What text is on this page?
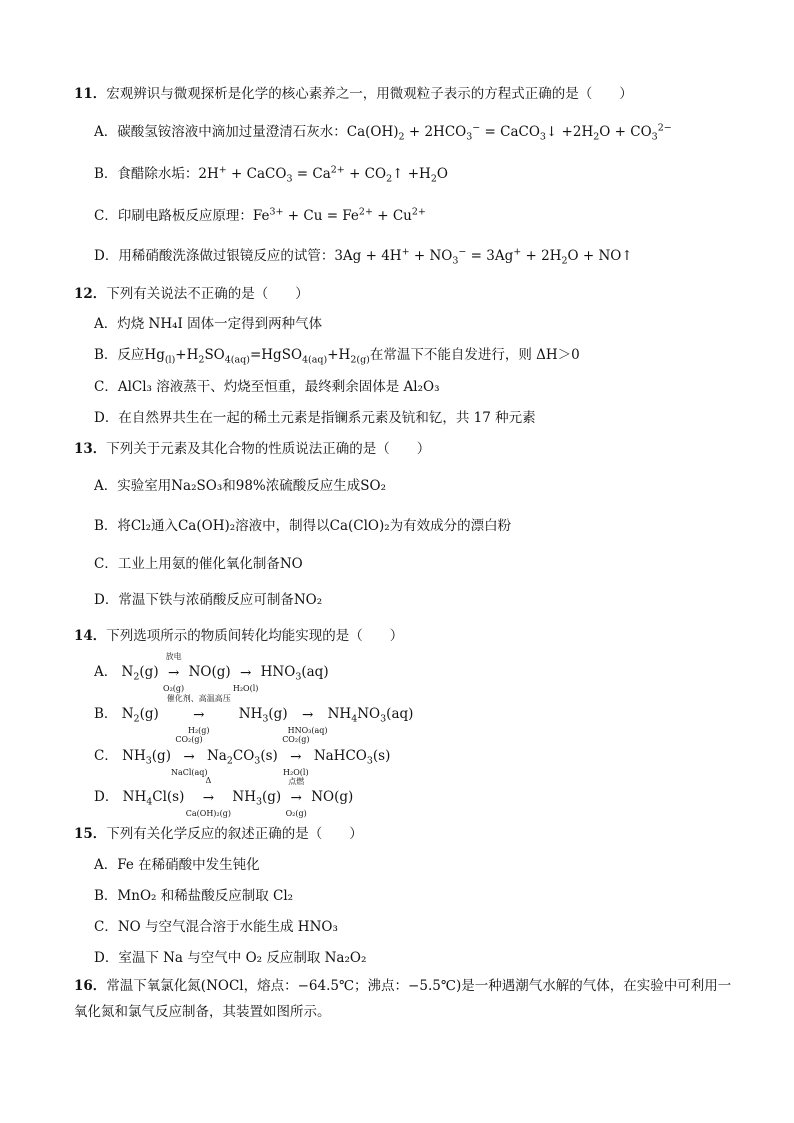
11．宏观辨识与微观探析是化学的核心素养之一，用微观粒子表示的方程式正确的是（　　）
A．碳酸氢铵溶液中滴加过量澄清石灰水：$Ca(OH)_2 + 2HCO_3^-$ = CaCO$_3$↓ $+2H_2O + CO_3^{2-}$
B．食醋除水垢：2H+ + CaCO$_3$ = $Ca^{2+}$ + $CO_2↑ +H_2O$
C．印刷电路板反应原理：$Fe^{3+} + Cu = Fe^{2+} + Cu^{2+}$
D．用稀硝酸洗涤做过银镜反应的试管：$3Ag + 4H^+ + NO_3^- = 3Ag^+ + 2H_2O$ + NO↑
12．下列有关说法不正确的是（　　）
A．灼烧 NH₄I 固体一定得到两种气体
B．反应$Hg_{(l)}+H_2SO_{4(aq)}=HgSO_{4(aq)}+H_{2(g)}$在常温下不能自发进行，则 ΔH＞0
C．AlCl₃ 溶液蒸干、灼烧至恒重，最终剩余固体是 Al₂O₃
D．在自然界共生在一起的稀土元素是指镧系元素及钪和钇，共 17 种元素
13．下列关于元素及其化合物的性质说法正确的是（　　）
A．实验室用Na₂SO₃和98%浓硫酸反应生成SO₂
B．将Cl₂通入Ca(OH)₂溶液中，制得以Ca(ClO)₂为有效成分的漂白粉
C．工业上用氨的催化氧化制备NO
D．常温下铁与浓硝酸反应可制备NO₂
14．下列选项所示的物质间转化均能实现的是（　　）
A． $N_2(g)$
放电
→
O₂(g)
NO(g) →
H₂O(l)
$HNO_3(aq)$
B． $N_2(g)$
催化剂、高温高压
→
H₂(g)
$NH_3(g)$ →
HNO₃(aq)
$NH_4NO_3(aq)$
C． $NH_3(g)$
CO₂(g)
→
NaCl(aq)
$Na_2CO_3(s)$
CO₂(g)
→
H₂O(l)
NaHCO$_3$(s)
D． $NH_4Cl(s)$
Δ
→
Ca(OH)₂(g)
$NH_3(g)$
点燃
→
O₂(g)
NO(g)
15．下列有关化学反应的叙述正确的是（　　）
A．Fe 在稀硝酸中发生钝化
B．MnO₂ 和稀盐酸反应制取 Cl₂
C．NO 与空气混合溶于水能生成 HNO₃
D．室温下 Na 与空气中 O₂ 反应制取 Na₂O₂
16．常温下氧氯化氮(NOCl，熔点：−64.5℃；沸点：−5.5℃)是一种遇潮气水解的气体，在实验中可利用一氧化氮和氯气反应制备，其装置如图所示。
